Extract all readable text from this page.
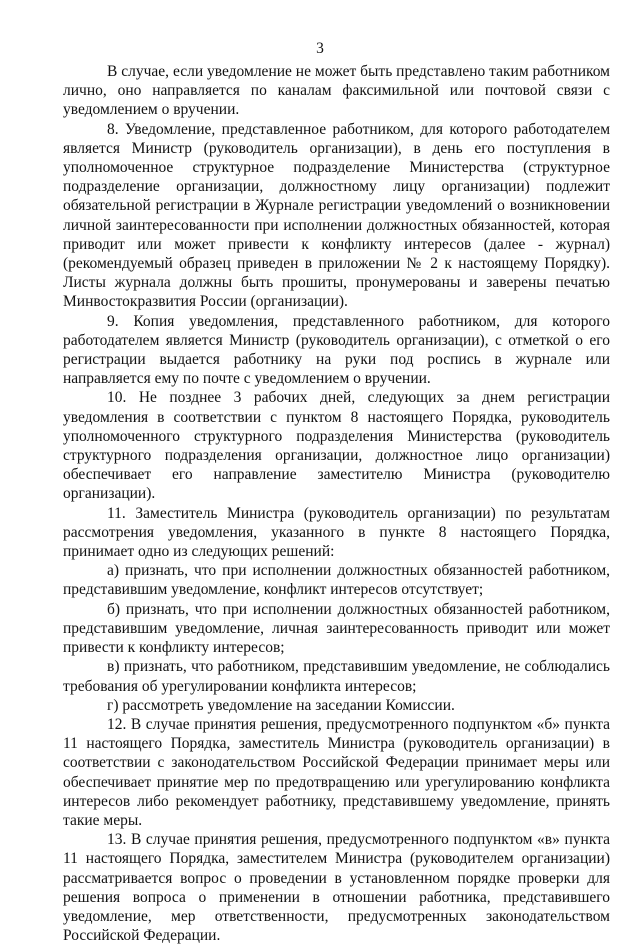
3

В случае, если уведомление не может быть представлено таким работником лично, оно направляется по каналам факсимильной или почтовой связи с уведомлением о вручении.

8. Уведомление, представленное работником, для которого работодателем является Министр (руководитель организации), в день его поступления в уполномоченное структурное подразделение Министерства (структурное подразделение организации, должностному лицу организации) подлежит обязательной регистрации в Журнале регистрации уведомлений о возникновении личной заинтересованности при исполнении должностных обязанностей, которая приводит или может привести к конфликту интересов (далее - журнал) (рекомендуемый образец приведен в приложении № 2 к настоящему Порядку). Листы журнала должны быть прошиты, пронумерованы и заверены печатью Минвостокразвития России (организации).

9. Копия уведомления, представленного работником, для которого работодателем является Министр (руководитель организации), с отметкой о его регистрации выдается работнику на руки под роспись в журнале или направляется ему по почте с уведомлением о вручении.

10. Не позднее 3 рабочих дней, следующих за днем регистрации уведомления в соответствии с пунктом 8 настоящего Порядка, руководитель уполномоченного структурного подразделения Министерства (руководитель структурного подразделения организации, должностное лицо организации) обеспечивает его направление заместителю Министра (руководителю организации).

11. Заместитель Министра (руководитель организации) по результатам рассмотрения уведомления, указанного в пункте 8 настоящего Порядка, принимает одно из следующих решений:

а) признать, что при исполнении должностных обязанностей работником, представившим уведомление, конфликт интересов отсутствует;

б) признать, что при исполнении должностных обязанностей работником, представившим уведомление, личная заинтересованность приводит или может привести к конфликту интересов;

в) признать, что работником, представившим уведомление, не соблюдались требования об урегулировании конфликта интересов;

г) рассмотреть уведомление на заседании Комиссии.

12. В случае принятия решения, предусмотренного подпунктом «б» пункта 11 настоящего Порядка, заместитель Министра (руководитель организации) в соответствии с законодательством Российской Федерации принимает меры или обеспечивает принятие мер по предотвращению или урегулированию конфликта интересов либо рекомендует работнику, представившему уведомление, принять такие меры.

13. В случае принятия решения, предусмотренного подпунктом «в» пункта 11 настоящего Порядка, заместителем Министра (руководителем организации) рассматривается вопрос о проведении в установленном порядке проверки для решения вопроса о применении в отношении работника, представившего уведомление, мер ответственности, предусмотренных законодательством Российской Федерации.
